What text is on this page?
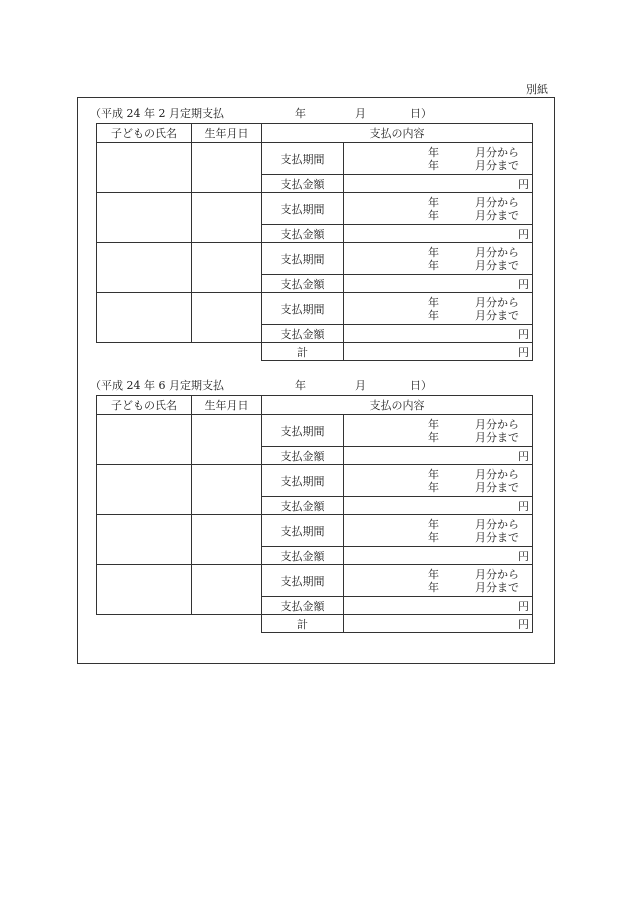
別紙
（平成 24 年 2 月定期支払	年	月	日）
子どもの氏名	生年月日	支払の内容	
		支払期間	年 月分から
年 月分まで

		支払金額	円
		支払期間	年 月分から
年 月分まで

		支払金額	円
		支払期間	年 月分から
年 月分まで

		支払金額	円
		支払期間	年 月分から
年 月分まで

		支払金額	円
		計	円
（平成 24 年 6 月定期支払	年	月	日）
子どもの氏名	生年月日	支払の内容	
		支払期間	年 月分から
年 月分まで

		支払金額	円
		支払期間	年 月分から
年 月分まで

		支払金額	円
		支払期間	年 月分から
年 月分まで

		支払金額	円
		支払期間	年 月分から
年 月分まで

		支払金額	円
		計	円
